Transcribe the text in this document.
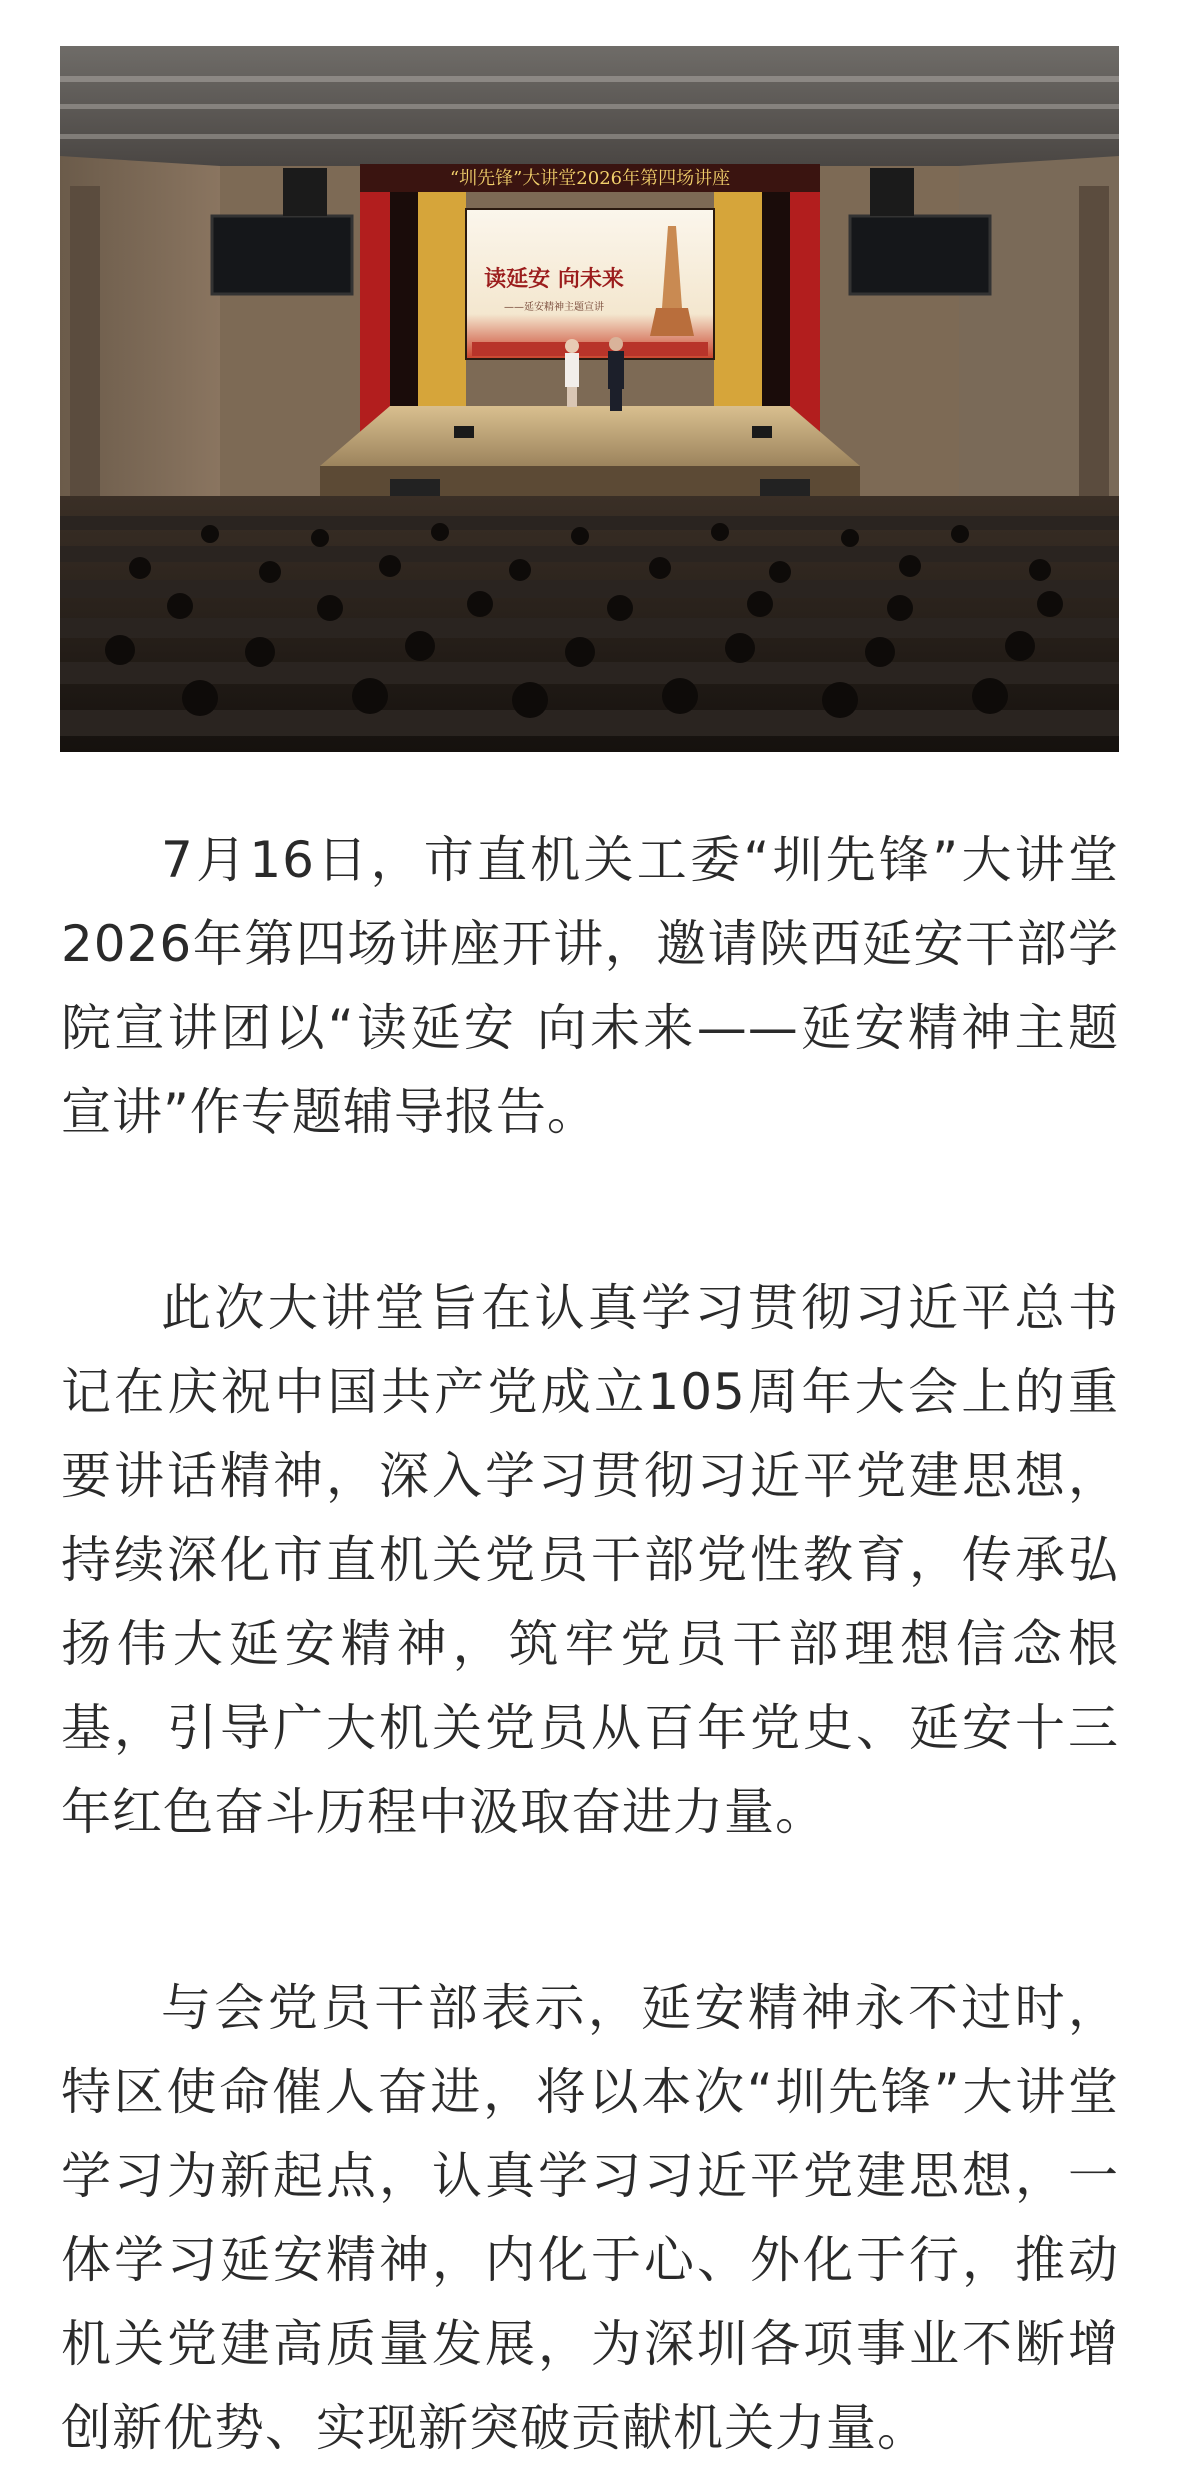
“圳先锋”大讲堂2026年第四场讲座
读延安 向未来
——延安精神主题宣讲

7月16日，市直机关工委“圳先锋”大讲堂2026年第四场讲座开讲，邀请陕西延安干部学院宣讲团以“读延安 向未来——延安精神主题宣讲”作专题辅导报告。

此次大讲堂旨在认真学习贯彻习近平总书记在庆祝中国共产党成立105周年大会上的重要讲话精神，深入学习贯彻习近平党建思想，持续深化市直机关党员干部党性教育，传承弘扬伟大延安精神，筑牢党员干部理想信念根基，引导广大机关党员从百年党史、延安十三年红色奋斗历程中汲取奋进力量。

与会党员干部表示，延安精神永不过时，特区使命催人奋进，将以本次“圳先锋”大讲堂学习为新起点，认真学习习近平党建思想，一体学习延安精神，内化于心、外化于行，推动机关党建高质量发展，为深圳各项事业不断增创新优势、实现新突破贡献机关力量。
